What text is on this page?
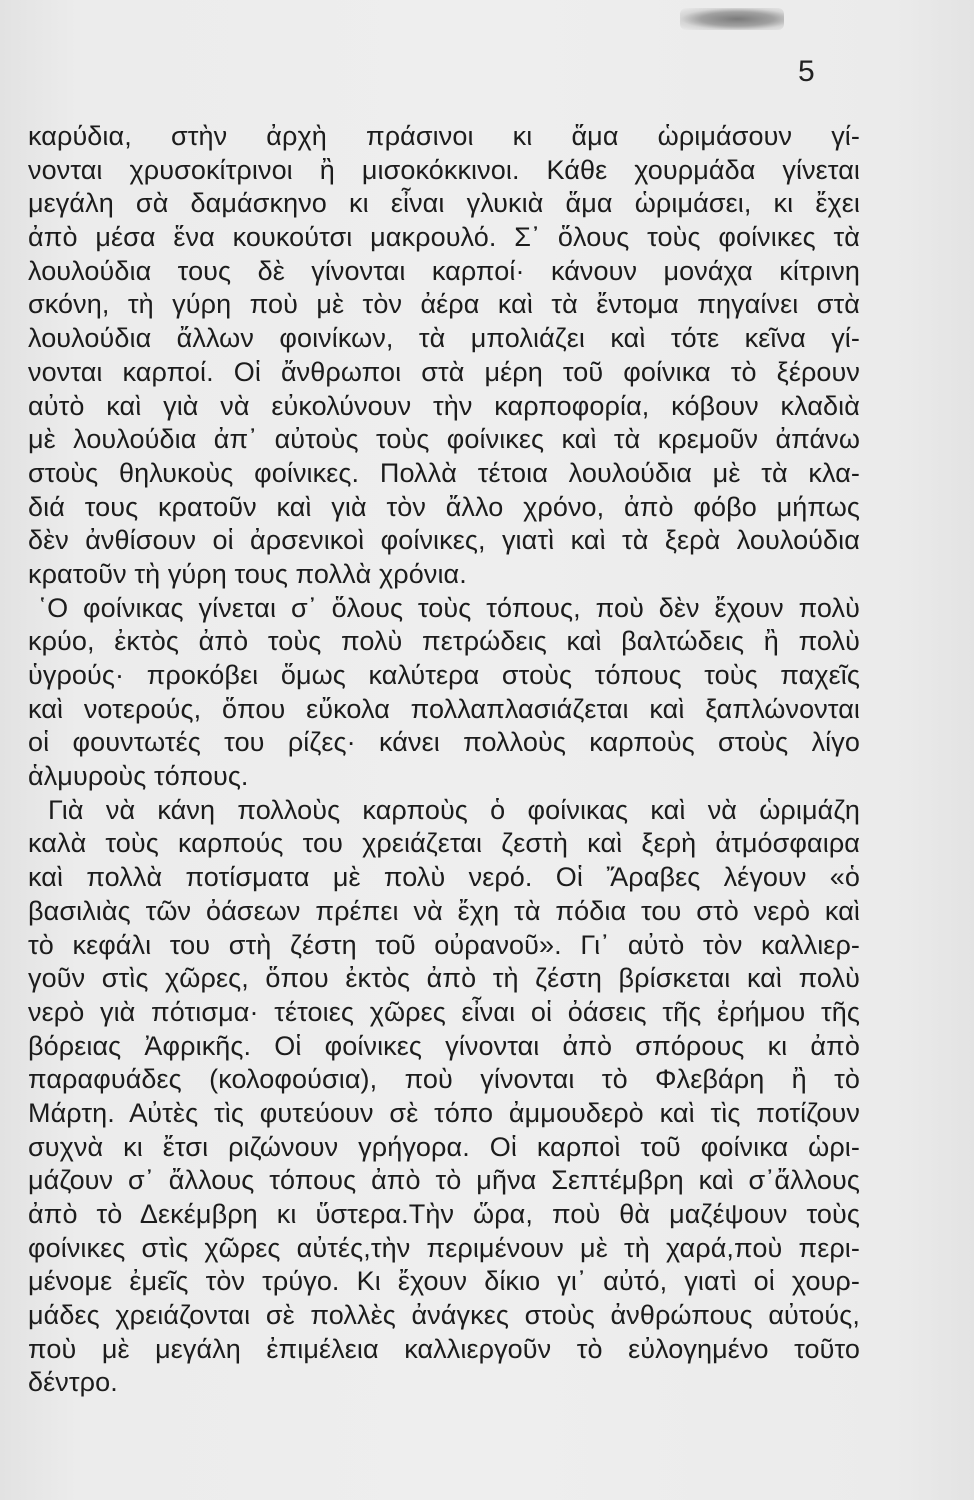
5
καρύδια, στὴν ἀρχὴ πράσινοι κι ἅμα ὡριμάσουν γί-
νονται χρυσοκίτρινοι ἢ μισοκόκκινοι. Κάθε χουρμάδα γίνεται
μεγάλη σὰ δαμάσκηνο κι εἶναι γλυκιὰ ἅμα ὡριμάσει, κι ἔχει
ἀπὸ μέσα ἕνα κουκούτσι μακρουλό. Σ᾽ ὅλους τοὺς φοίνικες τὰ
λουλούδια τους δὲ γίνονται καρποί· κάνουν μονάχα κίτρινη
σκόνη, τὴ γύρη ποὺ μὲ τὸν ἀέρα καὶ τὰ ἔντομα πηγαίνει στὰ
λουλούδια ἄλλων φοινίκων, τὰ μπολιάζει καὶ τότε κεῖνα γί-
νονται καρποί. Οἱ ἄνθρωποι στὰ μέρη τοῦ φοίνικα τὸ ξέρουν
αὐτὸ καὶ γιὰ νὰ εὐκολύνουν τὴν καρποφορία, κόβουν κλαδιὰ
μὲ λουλούδια ἀπ᾽ αὐτοὺς τοὺς φοίνικες καὶ τὰ κρεμοῦν ἀπάνω
στοὺς θηλυκοὺς φοίνικες. Πολλὰ τέτοια λουλούδια μὲ τὰ κλα-
διά τους κρατοῦν καὶ γιὰ τὸν ἄλλο χρόνο, ἀπὸ φόβο μήπως
δὲν ἀνθίσουν οἱ ἀρσενικοὶ φοίνικες, γιατὶ καὶ τὰ ξερὰ λουλούδια
κρατοῦν τὴ γύρη τους πολλὰ χρόνια.
῾Ο φοίνικας γίνεται σ᾽ ὅλους τοὺς τόπους, ποὺ δὲν ἔχουν πολὺ
κρύο, ἐκτὸς ἀπὸ τοὺς πολὺ πετρώδεις καὶ βαλτώδεις ἢ πολὺ
ὑγρούς· προκόβει ὅμως καλύτερα στοὺς τόπους τοὺς παχεῖς
καὶ νοτερούς, ὅπου εὔκολα πολλαπλασιάζεται καὶ ξαπλώνονται
οἱ φουντωτές του ρίζες· κάνει πολλοὺς καρποὺς στοὺς λίγο
ἁλμυροὺς τόπους.
Γιὰ νὰ κάνη πολλοὺς καρποὺς ὁ φοίνικας καὶ νὰ ὡριμάζη
καλὰ τοὺς καρπούς του χρειάζεται ζεστὴ καὶ ξερὴ ἀτμόσφαιρα
καὶ πολλὰ ποτίσματα μὲ πολὺ νερό. Οἱ Ἄραβες λέγουν «ὁ
βασιλιὰς τῶν ὀάσεων πρέπει νὰ ἔχη τὰ πόδια του στὸ νερὸ καὶ
τὸ κεφάλι του στὴ ζέστη τοῦ οὐρανοῦ». Γι᾽ αὐτὸ τὸν καλλιερ-
γοῦν στὶς χῶρες, ὅπου ἐκτὸς ἀπὸ τὴ ζέστη βρίσκεται καὶ πολὺ
νερὸ γιὰ πότισμα· τέτοιες χῶρες εἶναι οἱ ὀάσεις τῆς ἐρήμου τῆς
βόρειας Ἀφρικῆς. Οἱ φοίνικες γίνονται ἀπὸ σπόρους κι ἀπὸ
παραφυάδες (κολοφούσια), ποὺ γίνονται τὸ Φλεβάρη ἢ τὸ
Μάρτη. Αὐτὲς τὶς φυτεύουν σὲ τόπο ἀμμουδερὸ καὶ τὶς ποτίζουν
συχνὰ κι ἔτσι ριζώνουν γρήγορα. Οἱ καρποὶ τοῦ φοίνικα ὡρι-
μάζουν σ᾽ ἄλλους τόπους ἀπὸ τὸ μῆνα Σεπτέμβρη καὶ σ᾽ἄλλους
ἀπὸ τὸ Δεκέμβρη κι ὕστερα.Τὴν ὥρα, ποὺ θὰ μαζέψουν τοὺς
φοίνικες στὶς χῶρες αὐτές,τὴν περιμένουν μὲ τὴ χαρά,ποὺ περι-
μένομε ἐμεῖς τὸν τρύγο. Κι ἔχουν δίκιο γι᾽ αὐτό, γιατὶ οἱ χουρ-
μάδες χρειάζονται σὲ πολλὲς ἀνάγκες στοὺς ἀνθρώπους αὐτούς,
ποὺ μὲ μεγάλη ἐπιμέλεια καλλιεργοῦν τὸ εὐλογημένο τοῦτο
δέντρο.
